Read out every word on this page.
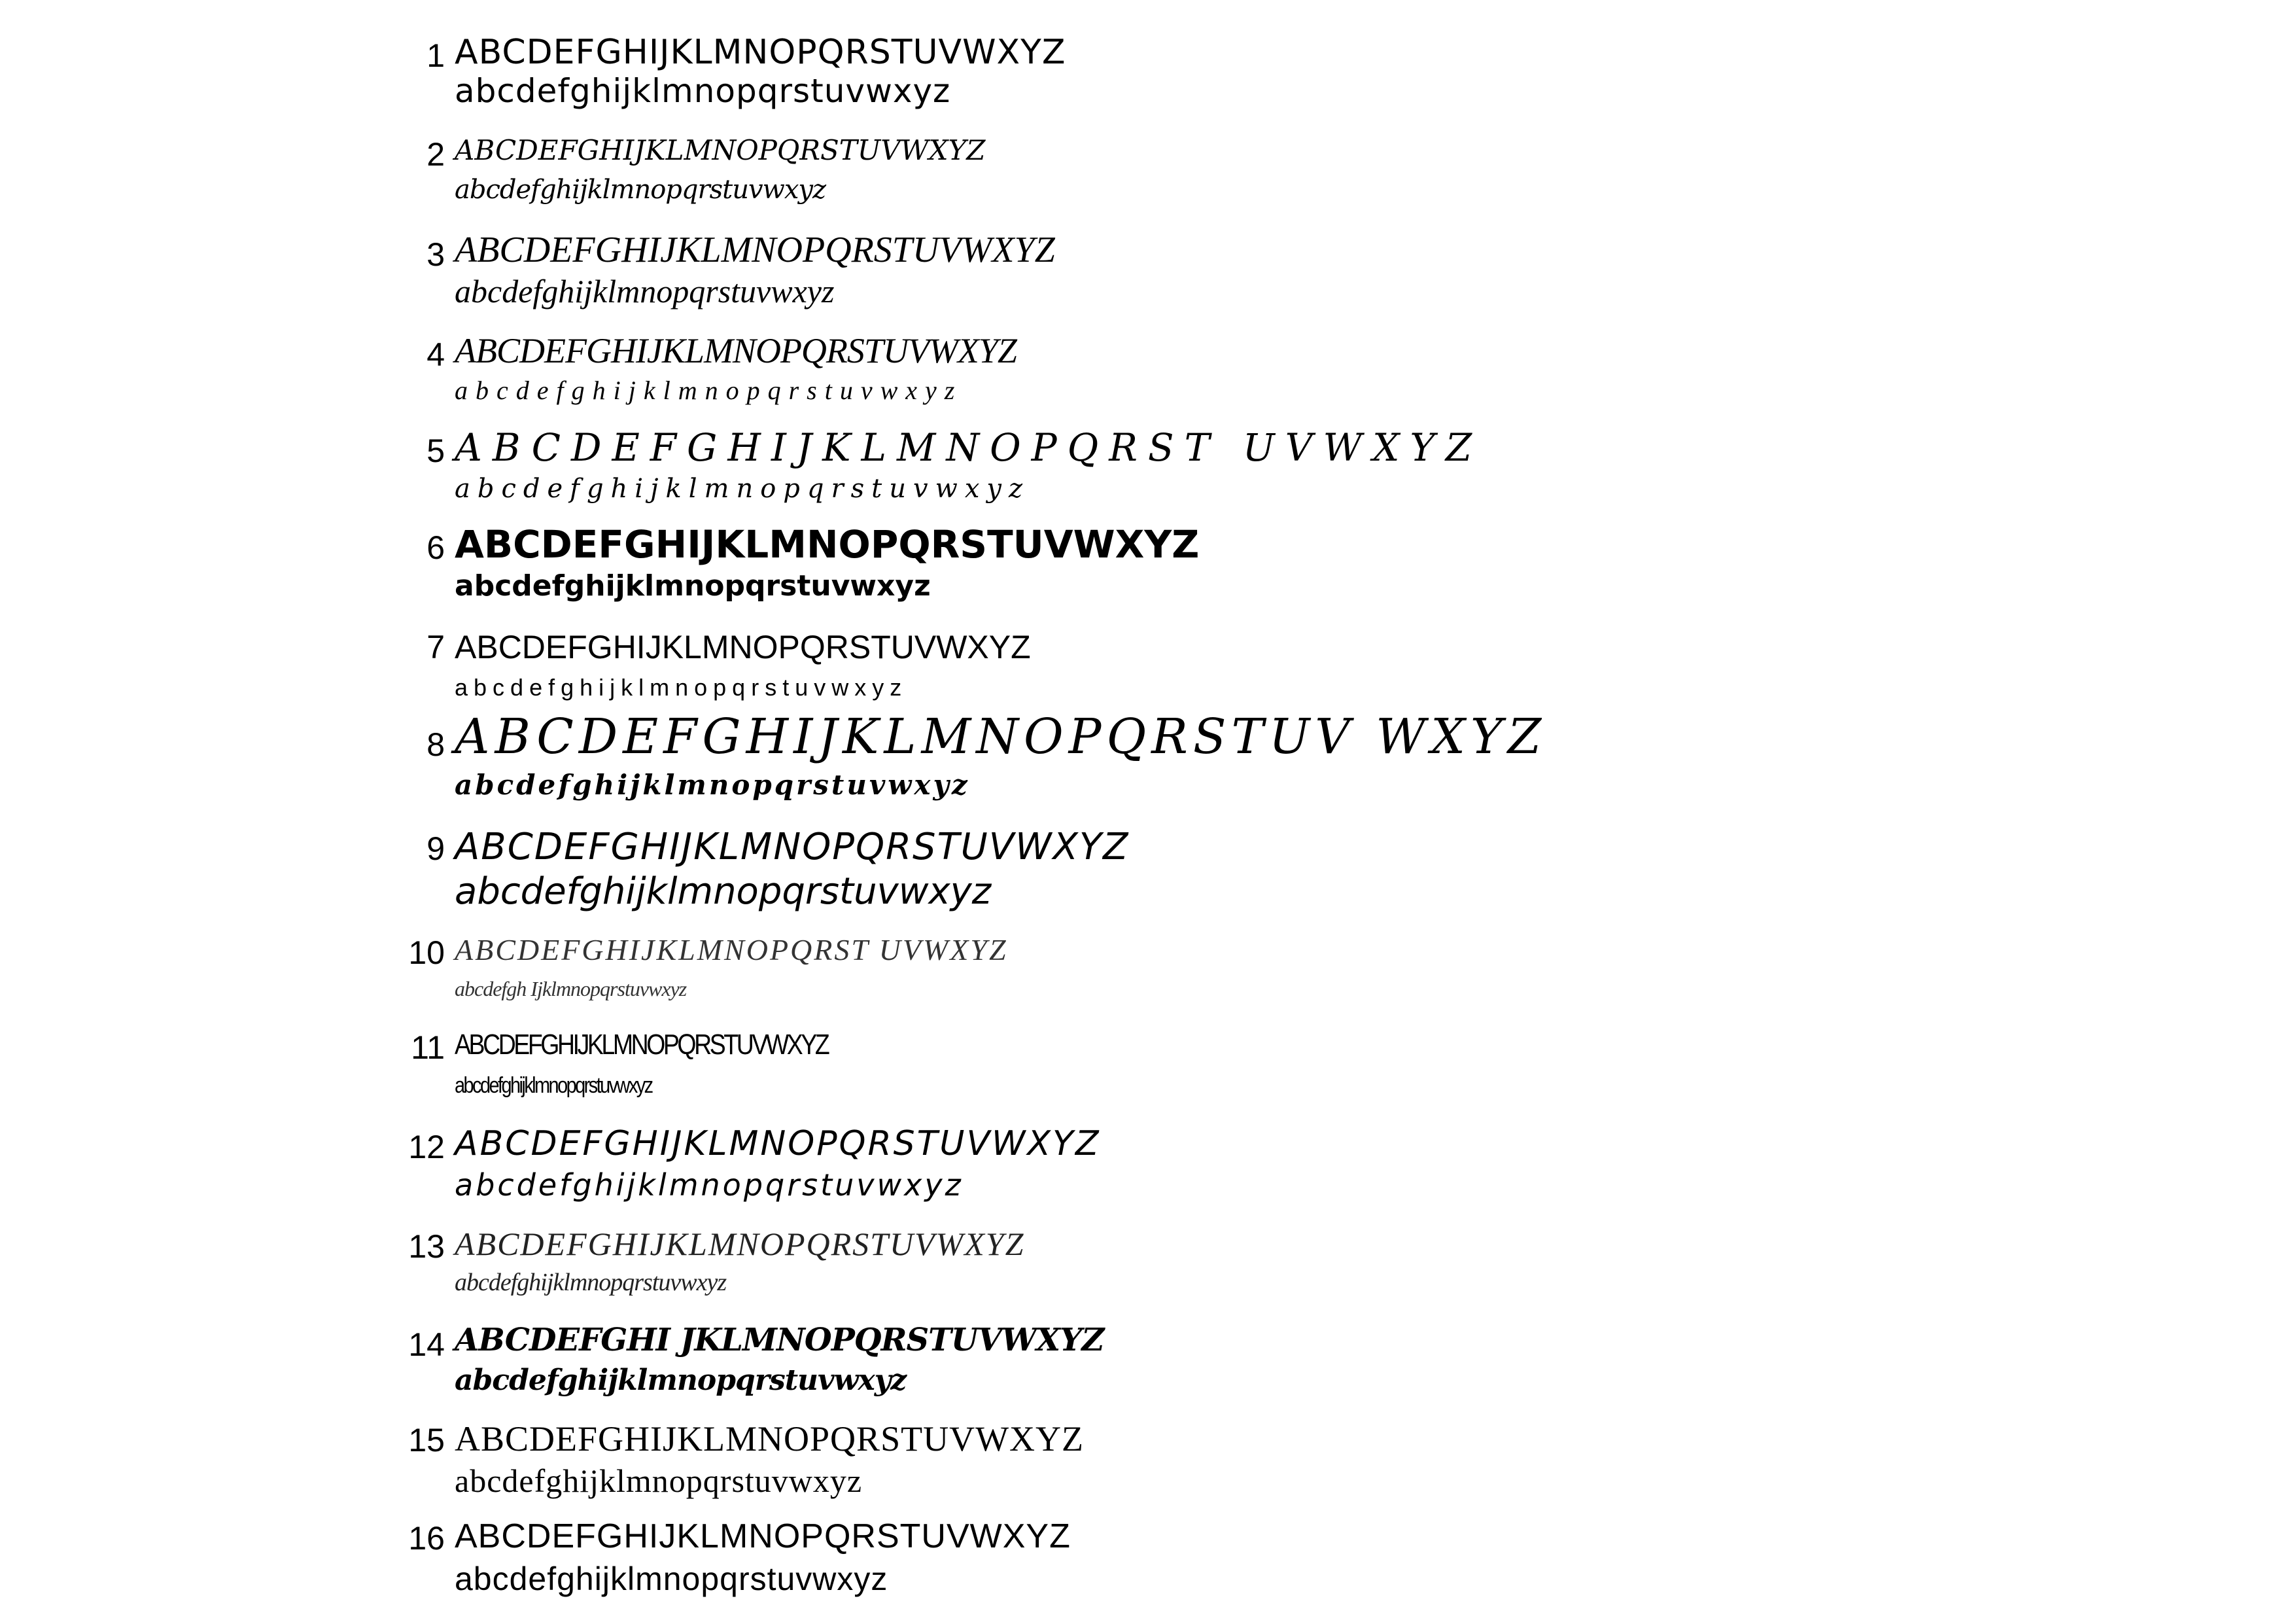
1 ABCDEFGHIJKLMNOPQRSTUVWXYZ
abcdefghijklmnopqrstuvwxyz
2 ABCDEFGHIJKLMNOPQRSTUVWXYZ
abcdefghijklmnopqrstuvwxyz
3 ABCDEFGHIJKLMNOPQRSTUVWXYZ
abcdefghijklmnopqrstuvwxyz
4 ABCDEFGHIJKLMNOPQRSTUVWXYZ
abcdefghijklmnopqrstuvwxyz
5 ABCDEFGHIJKLMNOPQRST UVWXYZ
abcdefghijklmnopqrstuvwxyz
6 ABCDEFGHIJKLMNOPQRSTUVWXYZ
abcdefghijklmnopqrstuvwxyz
7 ABCDEFGHIJKLMNOPQRSTUVWXYZ
abcdefghijklmnopqrstuvwxyz
8 ABCDEFGHIJKLMNOPQRSTUV WXYZ
abcdefghijklmnopqrstuvwxyz
9 ABCDEFGHIJKLMNOPQRSTUVWXYZ
abcdefghijklmnopqrstuvwxyz
10 ABCDEFGHIJKLMNOPQRST UVWXYZ
abcdefgh Ijklmnopqrstuvwxyz
11 ABCDEFGHIJKLMNOPQRSTUVWXYZ
abcdefghijklmnopqrstuvwxyz
12 ABCDEFGHIJKLMNOPQRSTUVWXYZ
abcdefghijklmnopqrstuvwxyz
13 ABCDEFGHIJKLMNOPQRSTUVWXYZ
abcdefghijklmnopqrstuvwxyz
14 ABCDEFGHI JKLMNOPQRSTUVWXYZ
abcdefghijklmnopqrstuvwxyz
15 ABCDEFGHIJKLMNOPQRSTUVWXYZ
abcdefghijklmnopqrstuvwxyz
16 ABCDEFGHIJKLMNOPQRSTUVWXYZ
abcdefghijklmnopqrstuvwxyz
